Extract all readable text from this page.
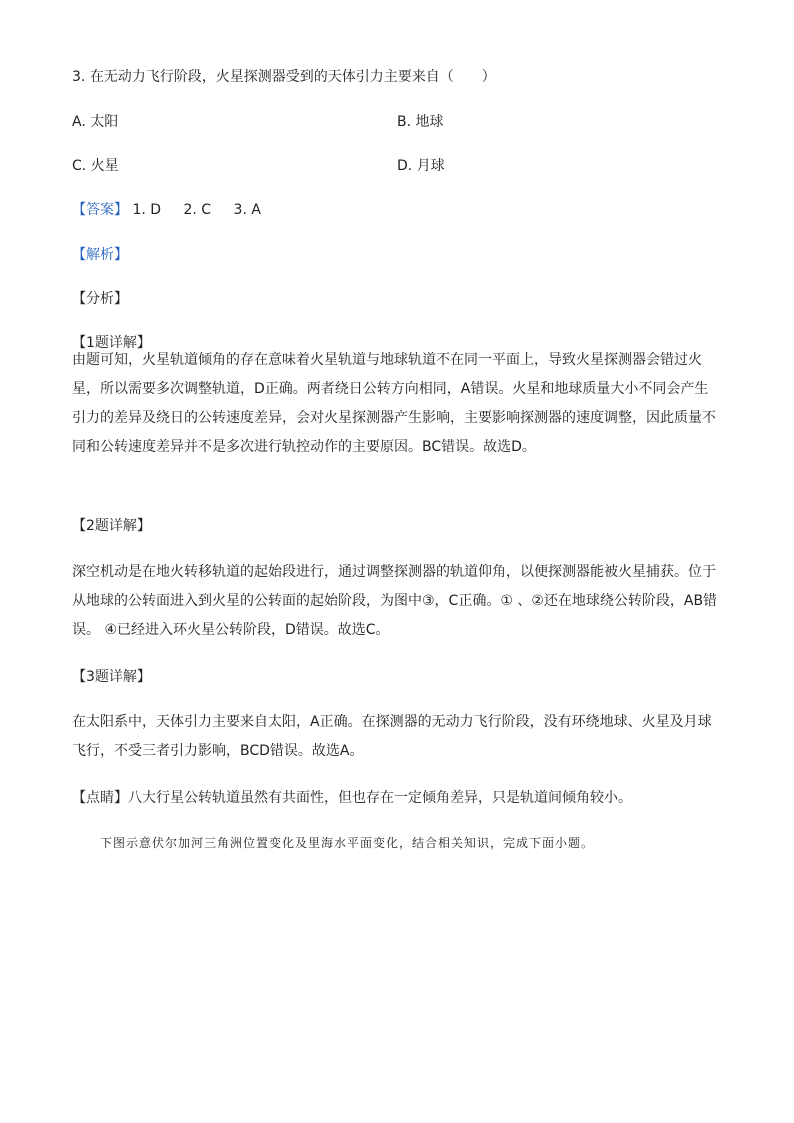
3. 在无动力飞行阶段，火星探测器受到的天体引力主要来自（　　）
A. 太阳	B. 地球
C. 火星	D. 月球
【答案】 1. D 2. C 3. A
【解析】
【分析】
【1题详解】
由题可知，火星轨道倾角的存在意味着火星轨道与地球轨道不在同一平面上，导致火星探测器会错过火星，所以需要多次调整轨道，D正确。两者绕日公转方向相同，A错误。火星和地球质量大小不同会产生引力的差异及绕日的公转速度差异，会对火星探测器产生影响，主要影响探测器的速度调整，因此质量不同和公转速度差异并不是多次进行轨控动作的主要原因。BC错误。故选D。
【2题详解】
深空机动是在地火转移轨道的起始段进行，通过调整探测器的轨道仰角，以便探测器能被火星捕获。位于从地球的公转面进入到火星的公转面的起始阶段，为图中③，C正确。① 、②还在地球绕公转阶段，AB错误。 ④已经进入环火星公转阶段，D错误。故选C。
【3题详解】
在太阳系中，天体引力主要来自太阳，A正确。在探测器的无动力飞行阶段，没有环绕地球、火星及月球飞行，不受三者引力影响，BCD错误。故选A。
【点睛】八大行星公转轨道虽然有共面性，但也存在一定倾角差异，只是轨道间倾角较小。
下图示意伏尔加河三角洲位置变化及里海水平面变化，结合相关知识，完成下面小题。
